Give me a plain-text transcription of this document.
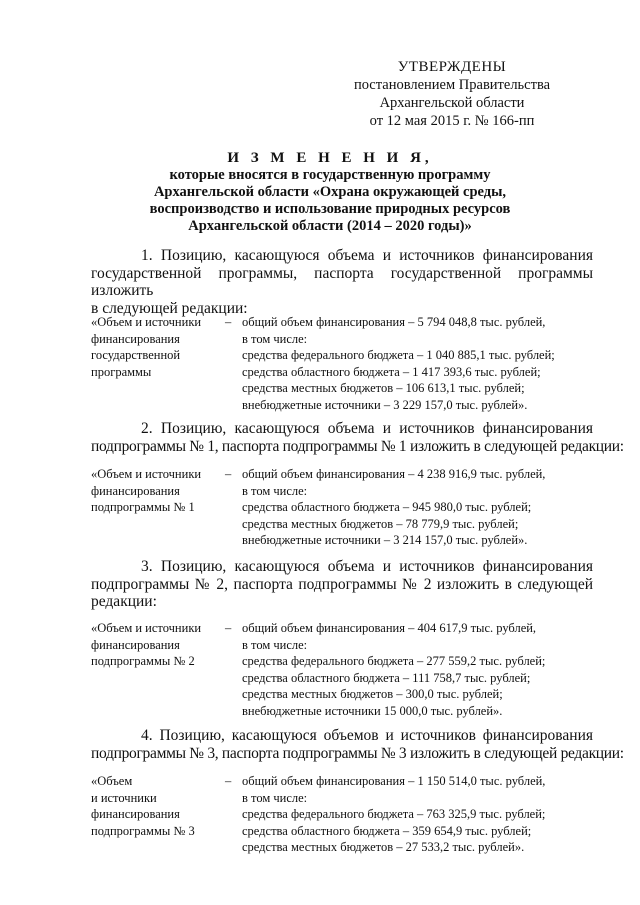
УТВЕРЖДЕНЫ
постановлением Правительства
Архангельской области
от 12 мая 2015 г. № 166-пп
И З М Е Н Е Н И Я,
которые вносятся в государственную программу
Архангельской области «Охрана окружающей среды,
воспроизводство и использование природных ресурсов
Архангельской области (2014 – 2020 годы)»
1. Позицию, касающуюся объема и источников финансирования
государственной программы, паспорта государственной программы изложить
в следующей редакции:
«Объем и источники
финансирования
государственной
программы
– общий объем финансирования – 5 794 048,8 тыс. рублей,
в том числе:
средства федерального бюджета – 1 040 885,1 тыс. рублей;
средства областного бюджета – 1 417 393,6 тыс. рублей;
средства местных бюджетов – 106 613,1 тыс. рублей;
внебюджетные источники – 3 229 157,0 тыс. рублей».
2. Позицию, касающуюся объема и источников финансирования
подпрограммы № 1, паспорта подпрограммы № 1 изложить в следующей редакции:
«Объем и источники
финансирования
подпрограммы № 1
– общий объем финансирования – 4 238 916,9 тыс. рублей,
в том числе:
средства областного бюджета – 945 980,0 тыс. рублей;
средства местных бюджетов – 78 779,9 тыс. рублей;
внебюджетные источники – 3 214 157,0 тыс. рублей».
3. Позицию, касающуюся объема и источников финансирования
подпрограммы № 2, паспорта подпрограммы № 2 изложить в следующей
редакции:
«Объем и источники
финансирования
подпрограммы № 2
– общий объем финансирования – 404 617,9 тыс. рублей,
в том числе:
средства федерального бюджета – 277 559,2 тыс. рублей;
средства областного бюджета – 111 758,7 тыс. рублей;
средства местных бюджетов – 300,0 тыс. рублей;
внебюджетные источники 15 000,0 тыс. рублей».
4. Позицию, касающуюся объемов и источников финансирования
подпрограммы № 3, паспорта подпрограммы № 3 изложить в следующей редакции:
«Объем
и источники
финансирования
подпрограммы № 3
– общий объем финансирования – 1 150 514,0 тыс. рублей,
в том числе:
средства федерального бюджета – 763 325,9 тыс. рублей;
средства областного бюджета – 359 654,9 тыс. рублей;
средства местных бюджетов – 27 533,2 тыс. рублей».
